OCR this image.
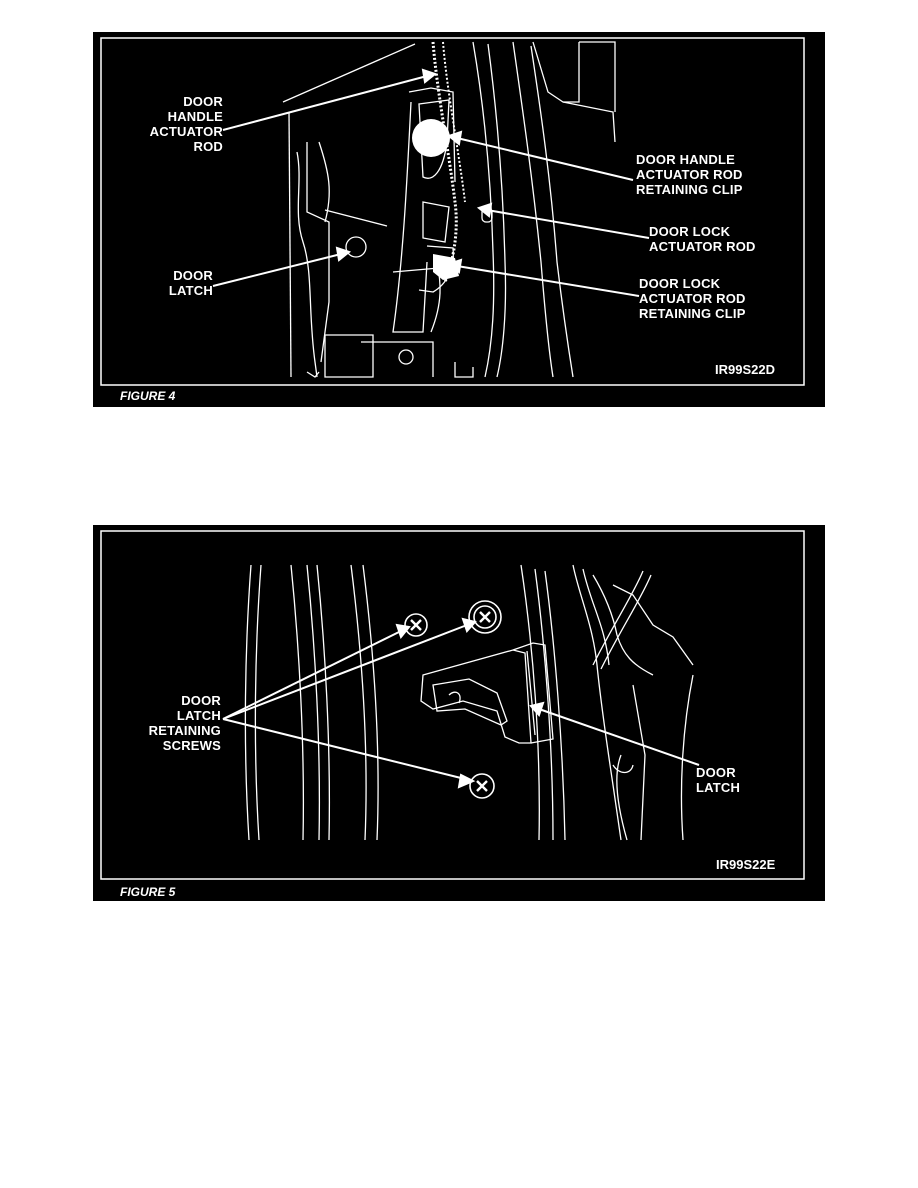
DOOR
HANDLE
ACTUATOR
ROD
DOOR
LATCH
DOOR HANDLE
ACTUATOR ROD
RETAINING CLIP
DOOR LOCK
ACTUATOR ROD
DOOR LOCK
ACTUATOR ROD
RETAINING CLIP
IR99S22D
FIGURE 4
DOOR
LATCH
RETAINING
SCREWS
DOOR
LATCH
IR99S22E
FIGURE 5
